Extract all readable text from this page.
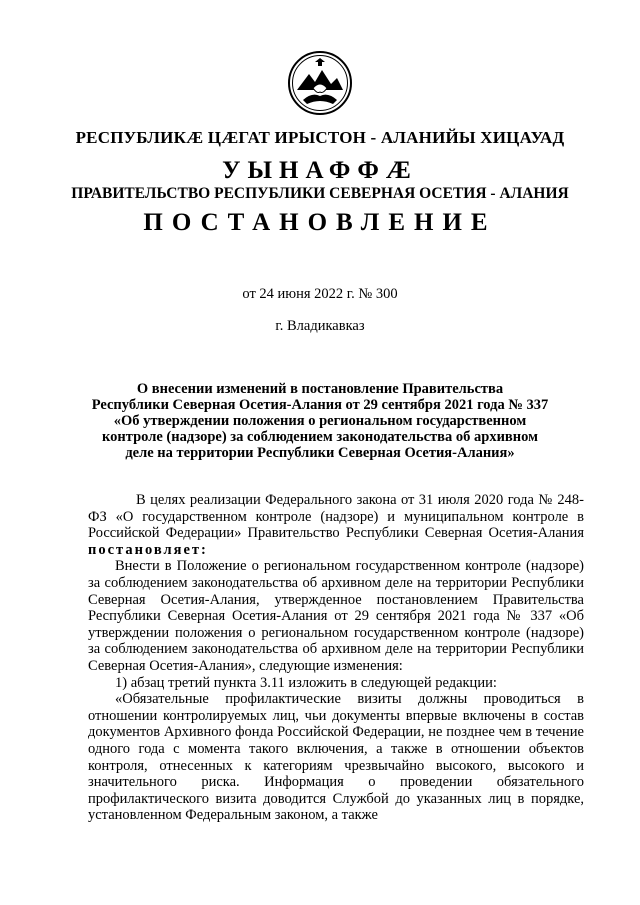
РЕСПУБЛИКÆ ЦÆГАТ ИРЫСТОН - АЛАНИЙЫ ХИЦАУАД
УЫНАФФÆ
ПРАВИТЕЛЬСТВО РЕСПУБЛИКИ СЕВЕРНАЯ ОСЕТИЯ - АЛАНИЯ
ПОСТАНОВЛЕНИЕ
от 24 июня 2022 г. № 300
г. Владикавказ
О внесении изменений в постановление Правительства
Республики Северная Осетия-Алания от 29 сентября 2021 года № 337
«Об утверждении положения о региональном государственном
контроле (надзоре) за соблюдением законодательства об архивном
деле на территории Республики Северная Осетия-Алания»

В целях реализации Федерального закона от 31 июля 2020 года № 248-ФЗ «О государственном контроле (надзоре) и муниципальном контроле в Российской Федерации» Правительство Республики Северная Осетия-Алания постановляет:

Внести в Положение о региональном государственном контроле (надзоре) за соблюдением законодательства об архивном деле на территории Республики Северная Осетия-Алания, утвержденное постановлением Правительства Республики Северная Осетия-Алания от 29 сентября 2021 года № 337 «Об утверждении положения о региональном государственном контроле (надзоре) за соблюдением законодательства об архивном деле на территории Республики Северная Осетия-Алания», следующие изменения:

1) абзац третий пункта 3.11 изложить в следующей редакции:

«Обязательные профилактические визиты должны проводиться в отношении контролируемых лиц, чьи документы впервые включены в состав документов Архивного фонда Российской Федерации, не позднее чем в течение одного года с момента такого включения, а также в отношении объектов контроля, отнесенных к категориям чрезвычайно высокого, высокого и значительного риска. Информация о проведении обязательного профилактического визита доводится Службой до указанных лиц в порядке, установленном Федеральным законом, а также
